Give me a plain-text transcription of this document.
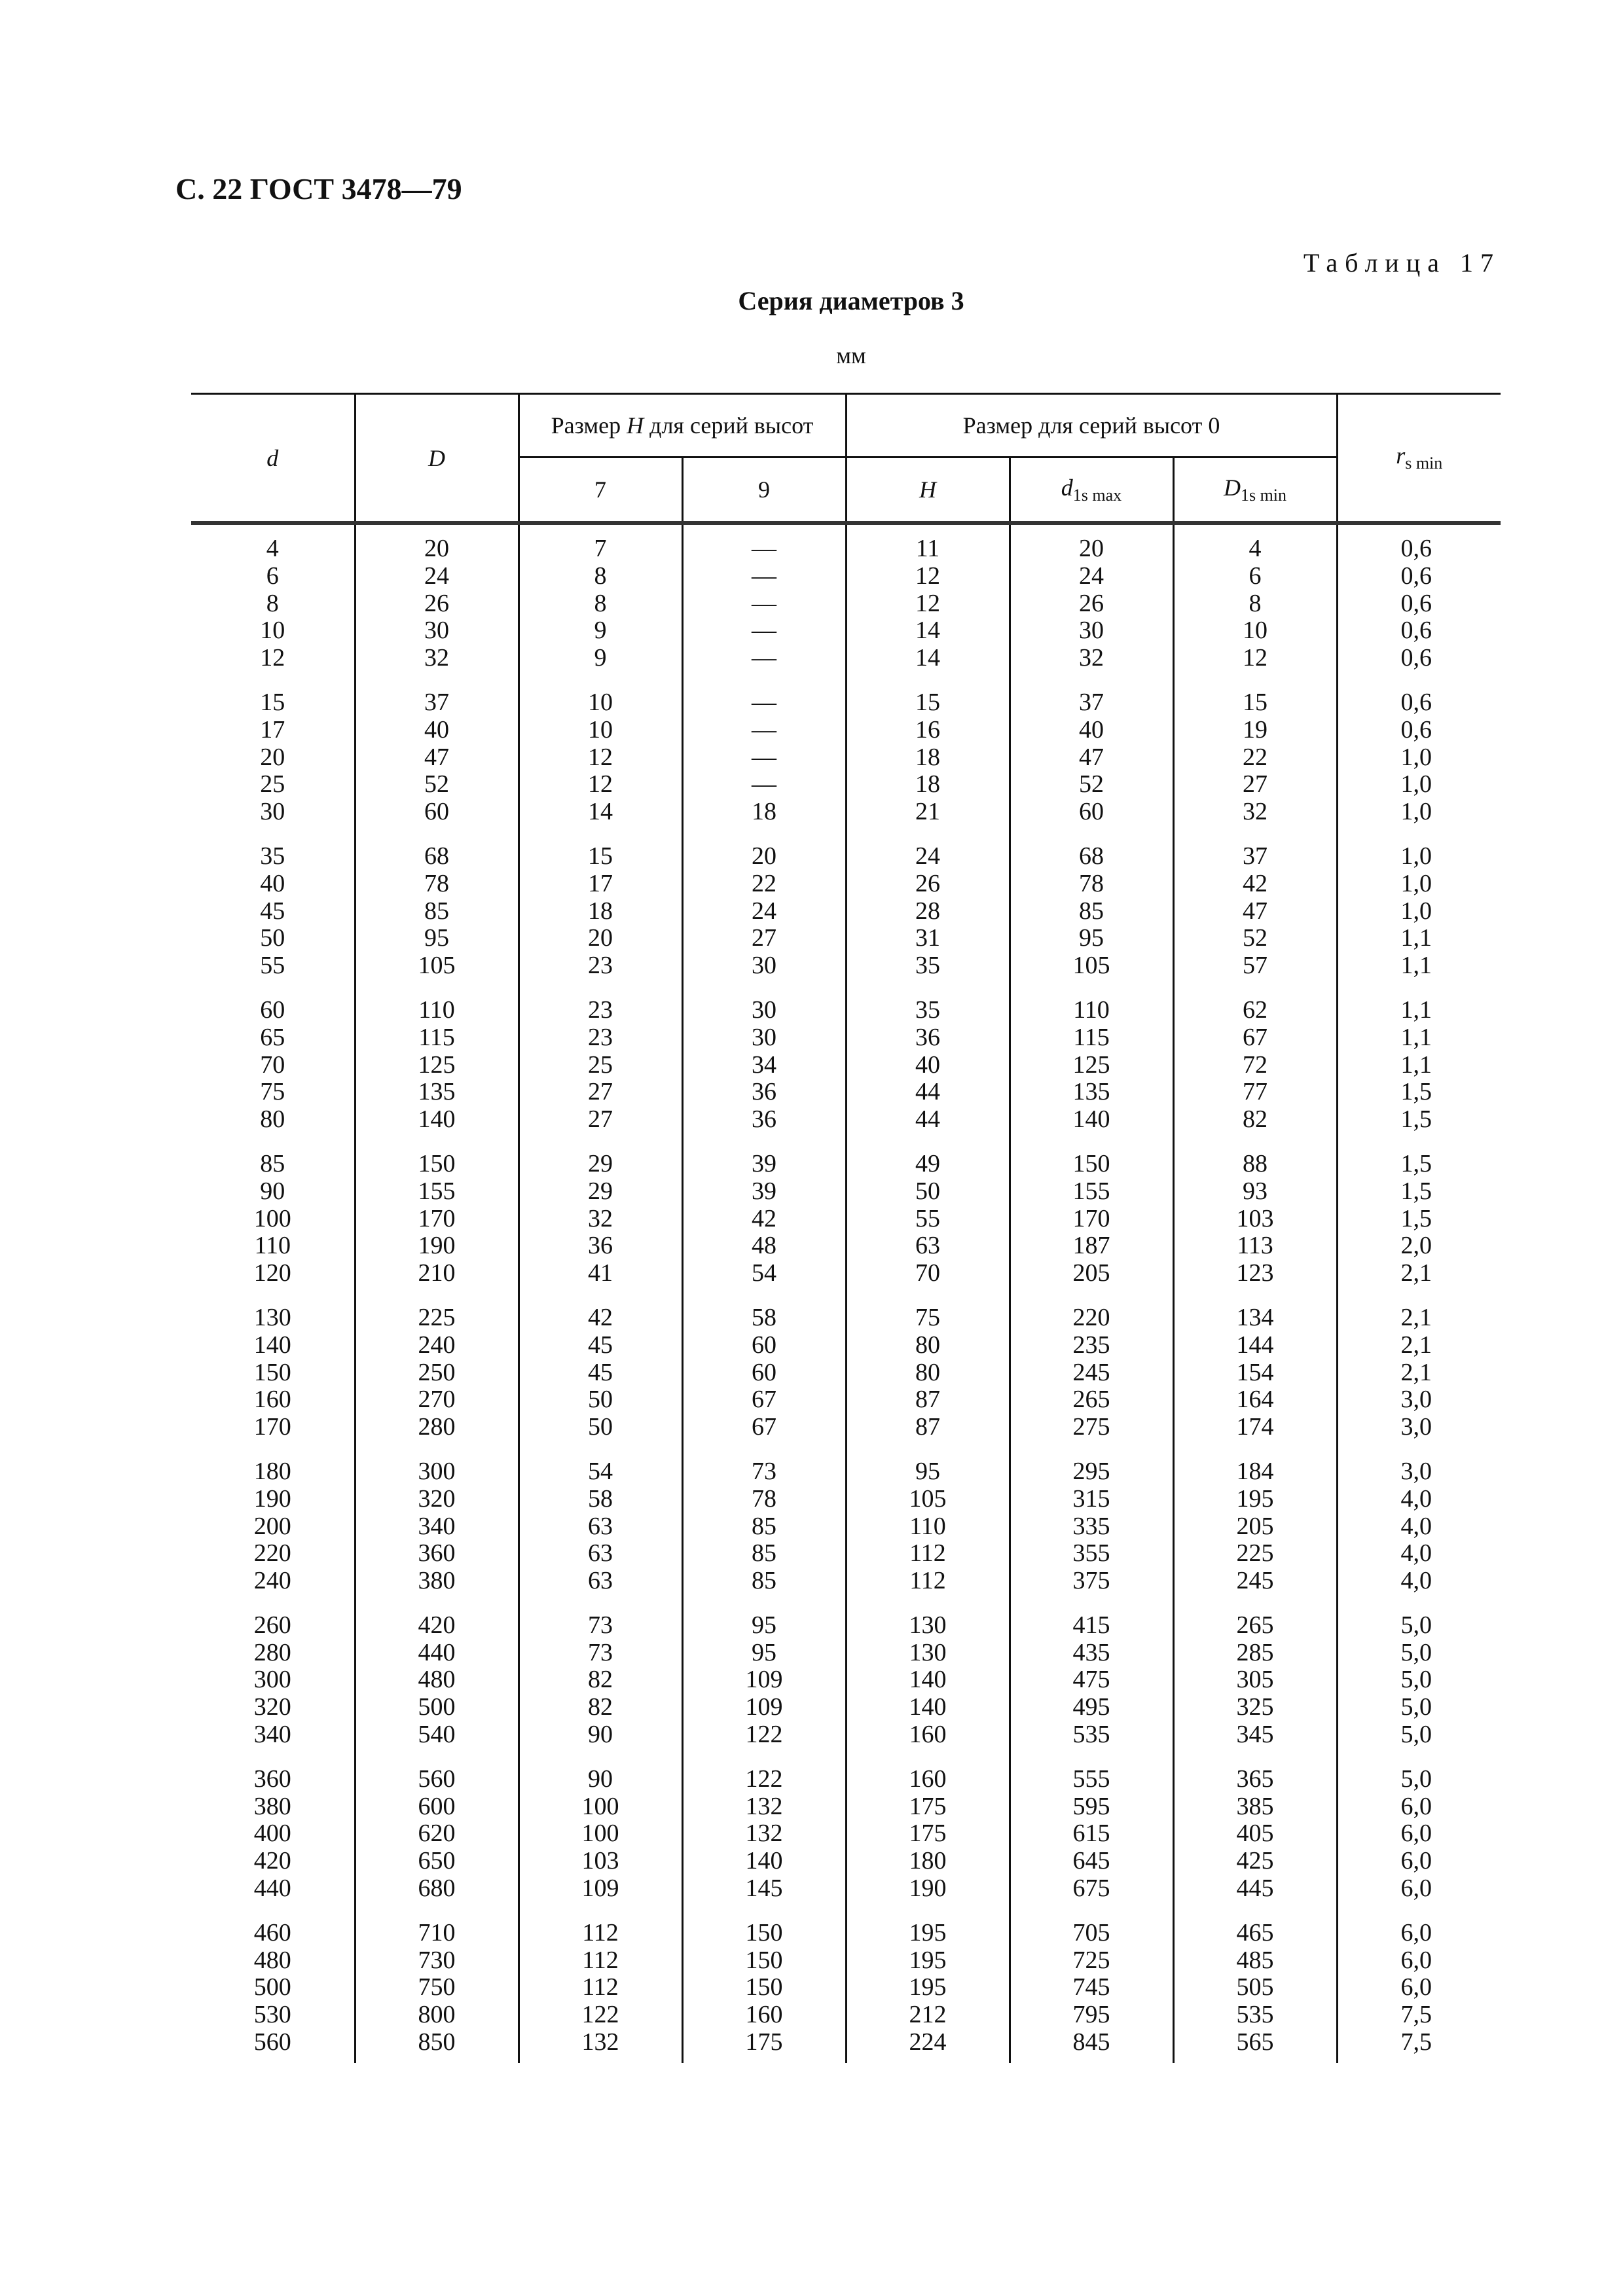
С. 22 ГОСТ 3478—79
Таблица 17
Серия диаметров 3
мм
d	D	Размер H для серий высот		Размер для серий высот 0			$r_{s min}$
		7	9	H	$d_{1s max}$	$D_{1s min}$

4	20	7	—	11	20	4	0,6
6	24	8	—	12	24	6	0,6
8	26	8	—	12	26	8	0,6
10	30	9	—	14	30	10	0,6
12	32	9	—	14	32	12	0,6

15	37	10	—	15	37	15	0,6
17	40	10	—	16	40	19	0,6
20	47	12	—	18	47	22	1,0
25	52	12	—	18	52	27	1,0
30	60	14	18	21	60	32	1,0

35	68	15	20	24	68	37	1,0
40	78	17	22	26	78	42	1,0
45	85	18	24	28	85	47	1,0
50	95	20	27	31	95	52	1,1
55	105	23	30	35	105	57	1,1

60	110	23	30	35	110	62	1,1
65	115	23	30	36	115	67	1,1
70	125	25	34	40	125	72	1,1
75	135	27	36	44	135	77	1,5
80	140	27	36	44	140	82	1,5

85	150	29	39	49	150	88	1,5
90	155	29	39	50	155	93	1,5
100	170	32	42	55	170	103	1,5
110	190	36	48	63	187	113	2,0
120	210	41	54	70	205	123	2,1

130	225	42	58	75	220	134	2,1
140	240	45	60	80	235	144	2,1
150	250	45	60	80	245	154	2,1
160	270	50	67	87	265	164	3,0
170	280	50	67	87	275	174	3,0

180	300	54	73	95	295	184	3,0
190	320	58	78	105	315	195	4,0
200	340	63	85	110	335	205	4,0
220	360	63	85	112	355	225	4,0
240	380	63	85	112	375	245	4,0

260	420	73	95	130	415	265	5,0
280	440	73	95	130	435	285	5,0
300	480	82	109	140	475	305	5,0
320	500	82	109	140	495	325	5,0
340	540	90	122	160	535	345	5,0

360	560	90	122	160	555	365	5,0
380	600	100	132	175	595	385	6,0
400	620	100	132	175	615	405	6,0
420	650	103	140	180	645	425	6,0
440	680	109	145	190	675	445	6,0

460	710	112	150	195	705	465	6,0
480	730	112	150	195	725	485	6,0
500	750	112	150	195	745	505	6,0
530	800	122	160	212	795	535	7,5
560	850	132	175	224	845	565	7,5
